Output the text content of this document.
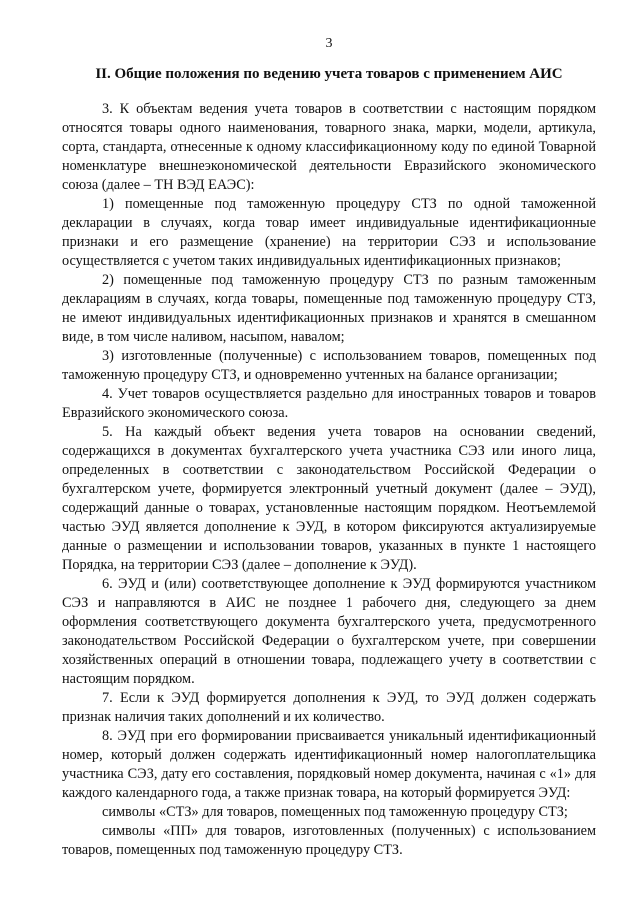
3
II. Общие положения по ведению учета товаров с применением АИС

3. К объектам ведения учета товаров в соответствии с настоящим порядком относятся товары одного наименования, товарного знака, марки, модели, артикула, сорта, стандарта, отнесенные к одному классификационному коду по единой Товарной номенклатуре внешнеэкономической деятельности Евразийского экономического союза (далее – ТН ВЭД ЕАЭС):

1) помещенные под таможенную процедуру СТЗ по одной таможенной декларации в случаях, когда товар имеет индивидуальные идентификационные признаки и его размещение (хранение) на территории СЭЗ и использование осуществляется с учетом таких индивидуальных идентификационных признаков;

2) помещенные под таможенную процедуру СТЗ по разным таможенным декларациям в случаях, когда товары, помещенные под таможенную процедуру СТЗ, не имеют индивидуальных идентификационных признаков и хранятся в смешанном виде, в том числе наливом, насыпом, навалом;

3) изготовленные (полученные) с использованием товаров, помещенных под таможенную процедуру СТЗ, и одновременно учтенных на балансе организации;

4. Учет товаров осуществляется раздельно для иностранных товаров и товаров Евразийского экономического союза.

5. На каждый объект ведения учета товаров на основании сведений, содержащихся в документах бухгалтерского учета участника СЭЗ или иного лица, определенных в соответствии с законодательством Российской Федерации о бухгалтерском учете, формируется электронный учетный документ (далее – ЭУД), содержащий данные о товарах, установленные настоящим порядком. Неотъемлемой частью ЭУД является дополнение к ЭУД, в котором фиксируются актуализируемые данные о размещении и использовании товаров, указанных в пункте 1 настоящего Порядка, на территории СЭЗ (далее – дополнение к ЭУД).

6. ЭУД и (или) соответствующее дополнение к ЭУД формируются участником СЭЗ и направляются в АИС не позднее 1 рабочего дня, следующего за днем оформления соответствующего документа бухгалтерского учета, предусмотренного законодательством Российской Федерации о бухгалтерском учете, при совершении хозяйственных операций в отношении товара, подлежащего учету в соответствии с настоящим порядком.

7. Если к ЭУД формируется дополнения к ЭУД, то ЭУД должен содержать признак наличия таких дополнений и их количество.

8. ЭУД при его формировании присваивается уникальный идентификационный номер, который должен содержать идентификационный номер налогоплательщика участника СЭЗ, дату его составления, порядковый номер документа, начиная с «1» для каждого календарного года, а также признак товара, на который формируется ЭУД:

символы «СТЗ» для товаров, помещенных под таможенную процедуру СТЗ;

символы «ПП» для товаров, изготовленных (полученных) с использованием товаров, помещенных под таможенную процедуру СТЗ.
